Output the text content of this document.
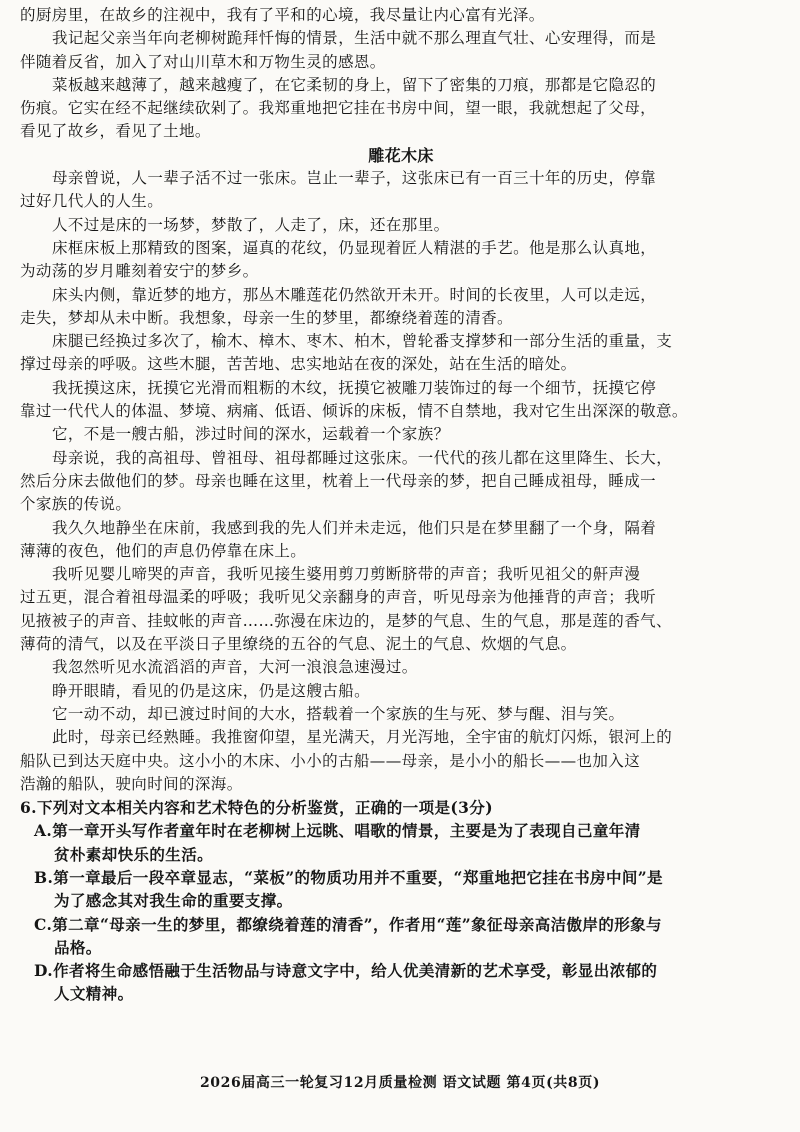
的厨房里，在故乡的注视中，我有了平和的心境，我尽量让内心富有光泽。
我记起父亲当年向老柳树跪拜忏悔的情景，生活中就不那么理直气壮、心安理得，而是
伴随着反省，加入了对山川草木和万物生灵的感恩。
菜板越来越薄了，越来越瘦了，在它柔韧的身上，留下了密集的刀痕，那都是它隐忍的
伤痕。它实在经不起继续砍剁了。我郑重地把它挂在书房中间，望一眼，我就想起了父母，
看见了故乡，看见了土地。
雕花木床
母亲曾说，人一辈子活不过一张床。岂止一辈子，这张床已有一百三十年的历史，停靠
过好几代人的人生。
人不过是床的一场梦，梦散了，人走了，床，还在那里。
床框床板上那精致的图案，逼真的花纹，仍显现着匠人精湛的手艺。他是那么认真地，
为动荡的岁月雕刻着安宁的梦乡。
床头内侧，靠近梦的地方，那丛木雕莲花仍然欲开未开。时间的长夜里，人可以走远，
走失，梦却从未中断。我想象，母亲一生的梦里，都缭绕着莲的清香。
床腿已经换过多次了，榆木、樟木、枣木、柏木，曾轮番支撑梦和一部分生活的重量，支
撑过母亲的呼吸。这些木腿，苦苦地、忠实地站在夜的深处，站在生活的暗处。
我抚摸这床，抚摸它光滑而粗粝的木纹，抚摸它被雕刀装饰过的每一个细节，抚摸它停
靠过一代代人的体温、梦境、病痛、低语、倾诉的床板，情不自禁地，我对它生出深深的敬意。
它，不是一艘古船，渉过时间的深水，运载着一个家族？
母亲说，我的高祖母、曾祖母、祖母都睡过这张床。一代代的孩儿都在这里降生、长大，
然后分床去做他们的梦。母亲也睡在这里，枕着上一代母亲的梦，把自己睡成祖母，睡成一
个家族的传说。
我久久地静坐在床前，我感到我的先人们并未走远，他们只是在梦里翻了一个身，隔着
薄薄的夜色，他们的声息仍停靠在床上。
我听见婴儿啼哭的声音，我听见接生婆用剪刀剪断脐带的声音；我听见祖父的鼾声漫
过五更，混合着祖母温柔的呼吸；我听见父亲翻身的声音，听见母亲为他捶背的声音；我听
见掖被子的声音、挂蚊帐的声音……弥漫在床边的，是梦的气息、生的气息，那是莲的香气、
薄荷的清气，以及在平淡日子里缭绕的五谷的气息、泥土的气息、炊烟的气息。
我忽然听见水流滔滔的声音，大河一浪浪急速漫过。
睁开眼睛，看见的仍是这床，仍是这艘古船。
它一动不动，却已渡过时间的大水，搭载着一个家族的生与死、梦与醒、泪与笑。
此时，母亲已经熟睡。我推窗仰望，星光满天，月光泻地，全宇宙的航灯闪烁，银河上的
船队已到达天庭中央。这小小的木床、小小的古船——母亲，是小小的船长——也加入这
浩瀚的船队，驶向时间的深海。
6.下列对文本相关内容和艺术特色的分析鉴赏，正确的一项是(3分)
A.第一章开头写作者童年时在老柳树上远眺、唱歌的情景，主要是为了表现自己童年清
贫朴素却快乐的生活。
B.第一章最后一段卒章显志，“菜板”的物质功用并不重要，“郑重地把它挂在书房中间”是
为了感念其对我生命的重要支撑。
C.第二章“母亲一生的梦里，都缭绕着莲的清香”，作者用“莲”象征母亲高洁傲岸的形象与
品格。
D.作者将生命感悟融于生活物品与诗意文字中，给人优美清新的艺术享受，彰显出浓郁的
人文精神。
2026届高三一轮复习12月质量检测 语文试题 第4页(共8页)
